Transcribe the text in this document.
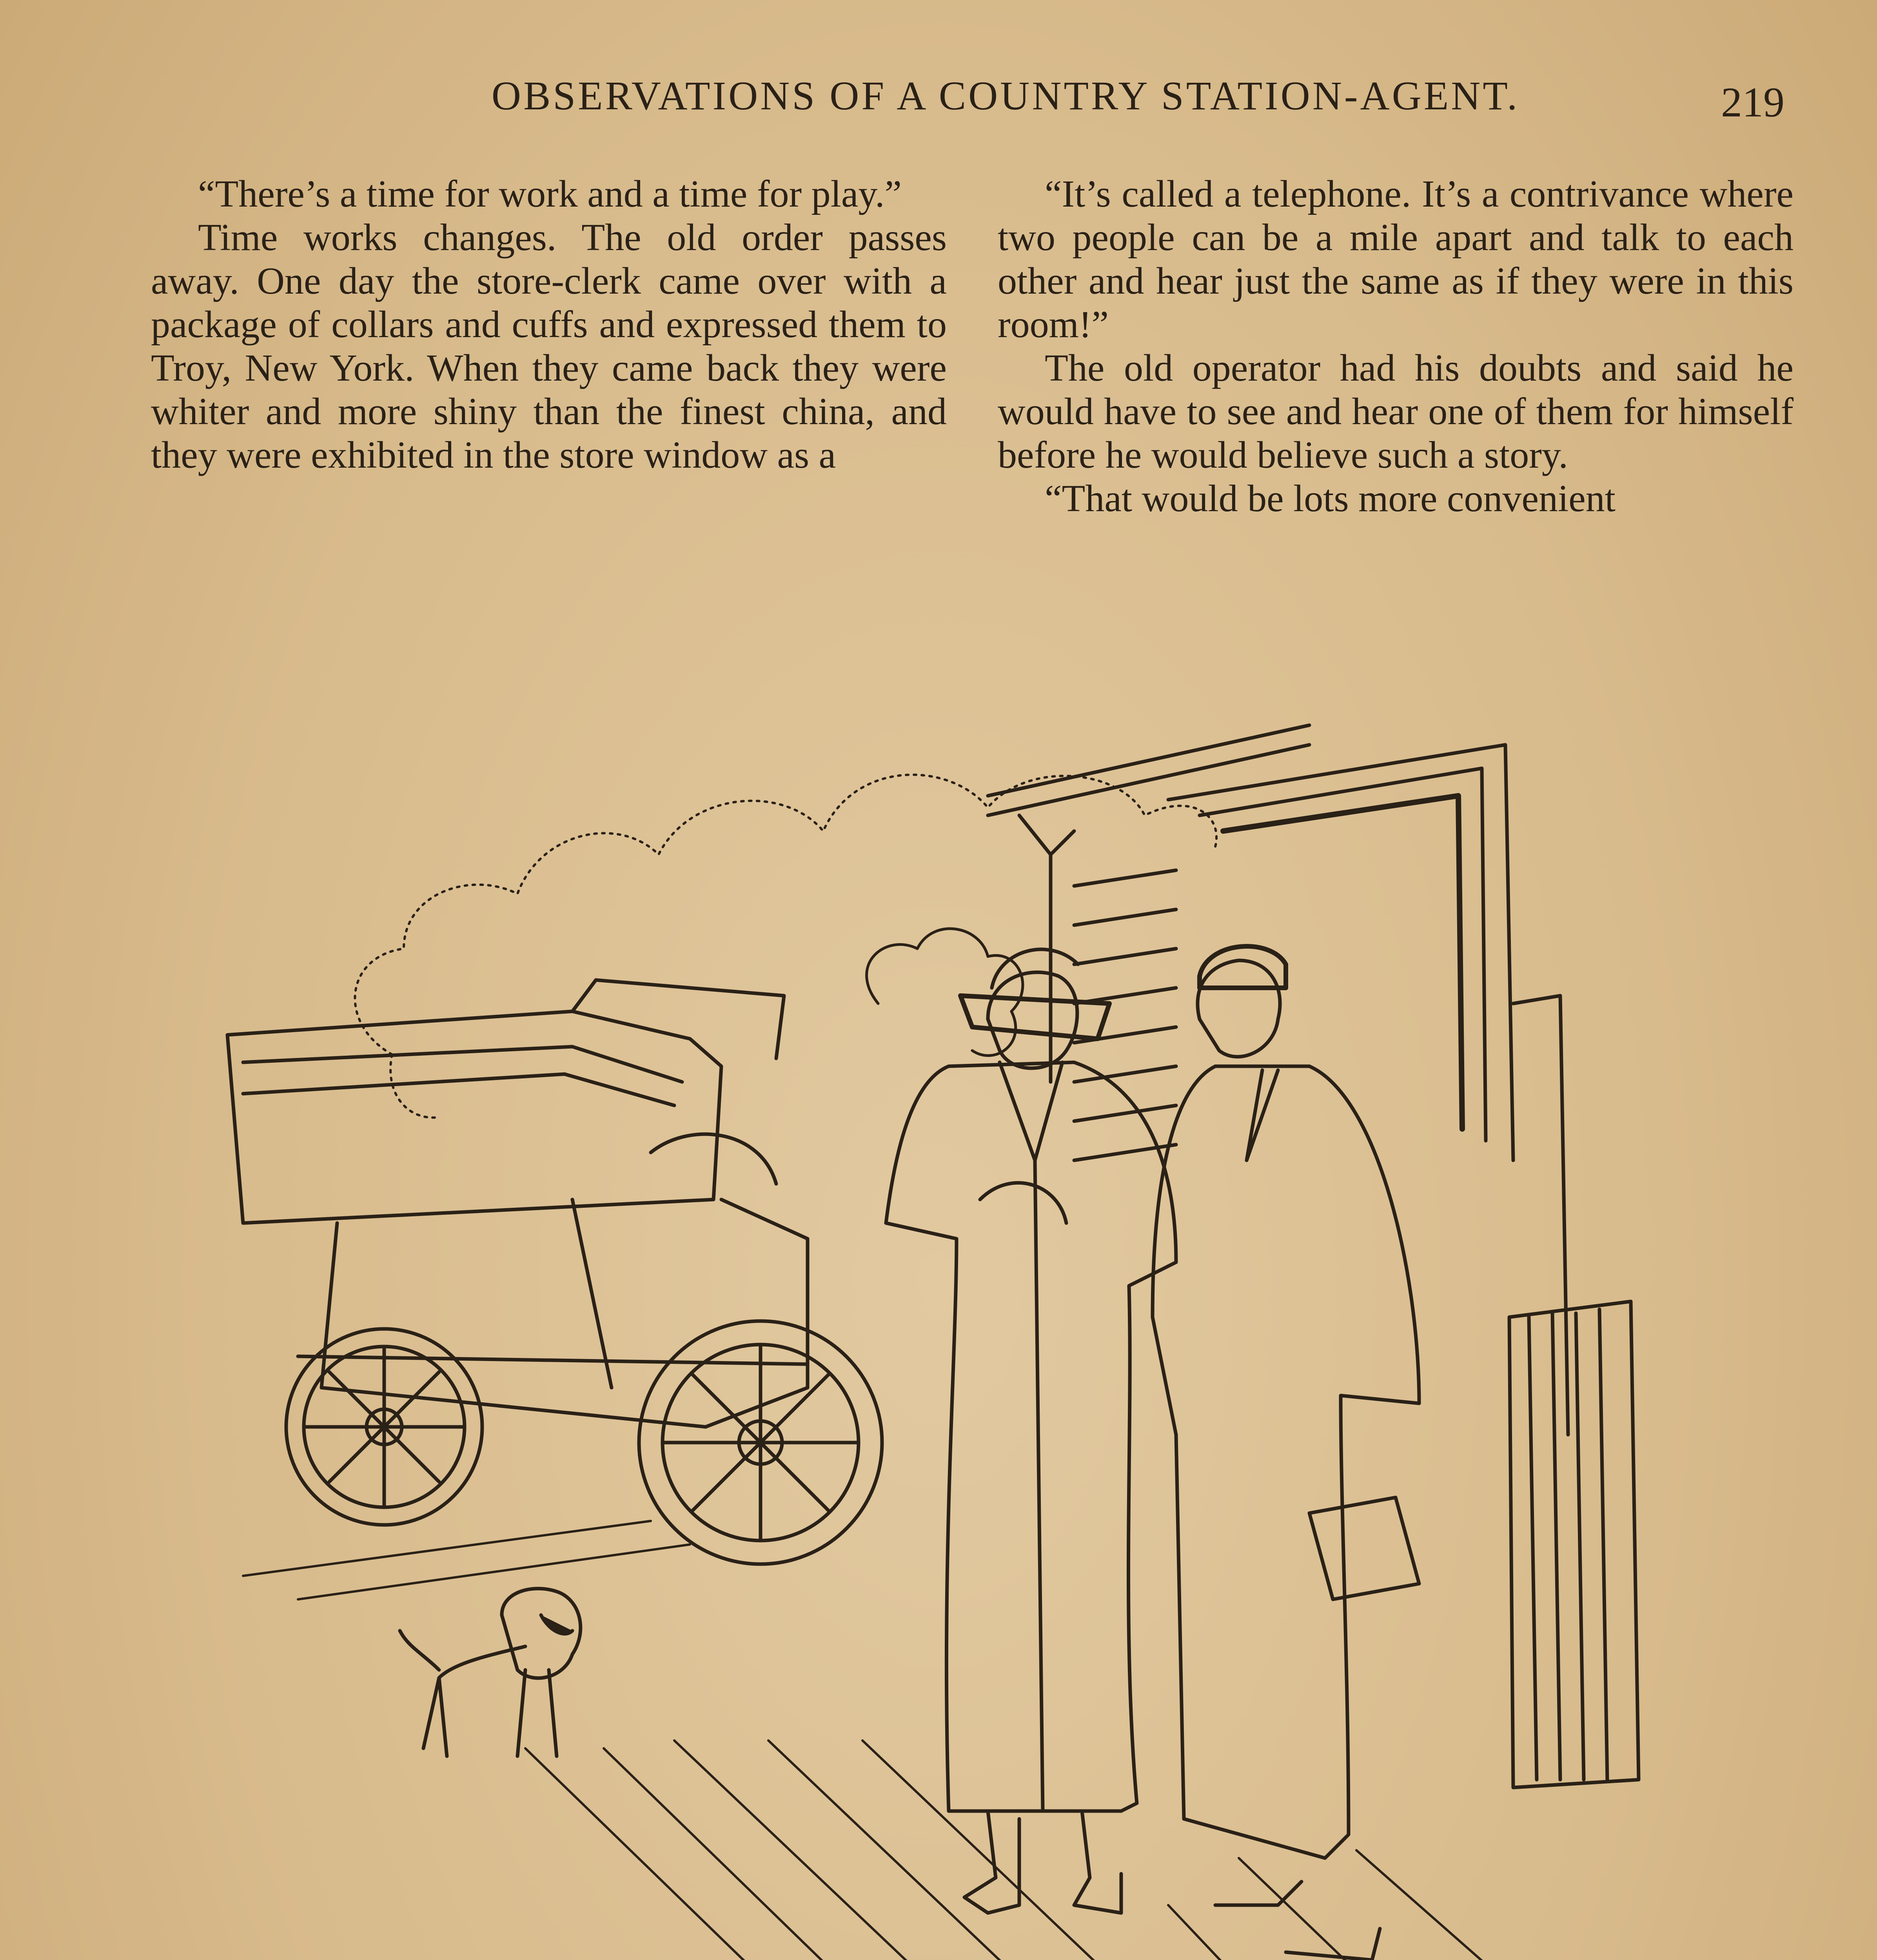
OBSERVATIONS OF A COUNTRY STATION-AGENT.	219

“There’s a time for work and a time for play.”

Time works changes. The old order passes away. One day the store-clerk came over with a package of collars and cuffs and expressed them to Troy, New York. When they came back they were whiter and more shiny than the finest china, and they were exhibited in the store window as a

“It’s called a telephone. It’s a contrivance where two people can be a mile apart and talk to each other and hear just the same as if they were in this room!”

The old operator had his doubts and said he would have to see and hear one of them for himself before he would believe such a story.

“That would be lots more convenient
